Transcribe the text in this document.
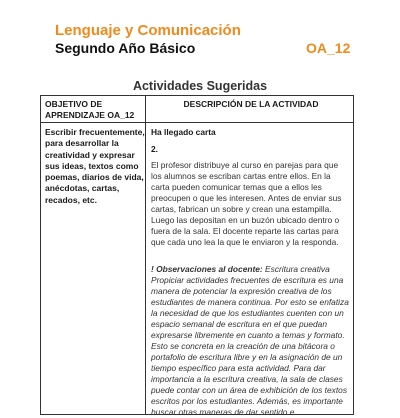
Lenguaje y Comunicación
Segundo Año Básico	OA_12
Actividades Sugeridas
OBJETIVO DE APRENDIZAJE OA_12
DESCRIPCIÓN DE LA ACTIVIDAD
Escribir frecuentemente, para desarrollar la creatividad y expresar sus ideas, textos como poemas, diarios de vida, anécdotas, cartas, recados, etc.

Ha llegado carta

2.

El profesor distribuye al curso en parejas para que los alumnos se escriban cartas entre ellos. En la carta pueden comunicar temas que a ellos les preocupen o que les interesen. Antes de enviar sus cartas, fabrican un sobre y crean una estampilla. Luego las depositan en un buzón ubicado dentro o fuera de la sala. El docente reparte las cartas para que cada uno lea la que le enviaron y la responda.

! Observaciones al docente: Escritura creativa Propiciar actividades frecuentes de escritura es una manera de potenciar la expresión creativa de los estudiantes de manera continua. Por esto se enfatiza la necesidad de que los estudiantes cuenten con un espacio semanal de escritura en el que puedan expresarse libremente en cuanto a temas y formato. Esto se concreta en la creación de una bitácora o portafolio de escritura libre y en la asignación de un tiempo específico para esta actividad. Para dar importancia a la escritura creativa, la sala de clases puede contar con un área de exhibición de los textos escritos por los estudiantes. Además, es importante buscar otras maneras de dar sentido e
